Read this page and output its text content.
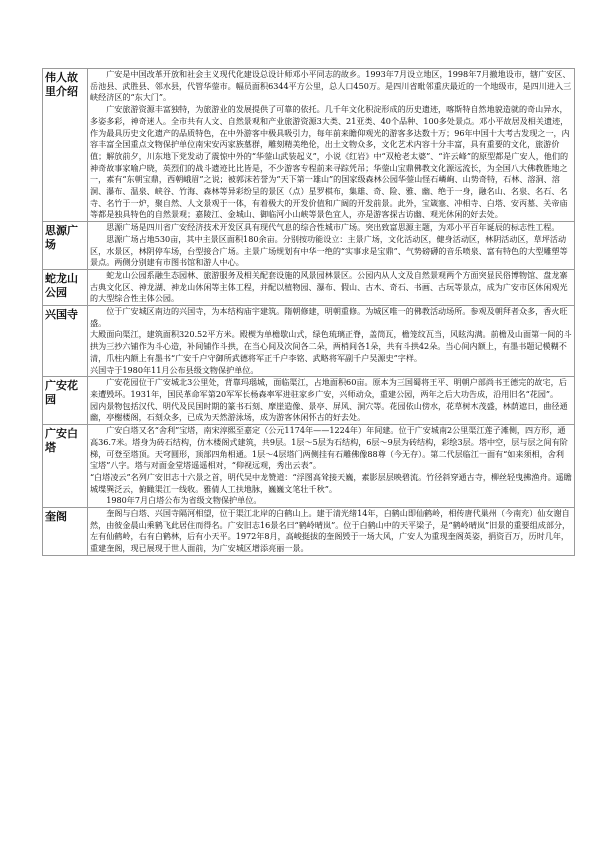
伟人故里介绍	广安是中国改革开放和社会主义现代化建设总设计师邓小平同志的故乡。1993年7月设立地区，1998年7月撤地设市，辖广安区、岳池县、武胜县、邻水县，代管华蓥市。幅员面积6344平方公里，总人口450万。是四川省毗邻重庆最近的一个地级市，是四川进入三峡经济区的“东大门”。

广安旅游资源丰富独特，为旅游业的发展提供了可靠的依托。几千年文化积淀形成的历史遗迹，喀斯特自然地貌造就的奇山异水，多姿多彩，神奇迷人。全市共有人文、自然景观和产业旅游资源3大类、21亚类、40个品种、100多处景点。邓小平故居及相关遗迹，作为最具历史文化遗产的品质特色，在中外游客中极具吸引力，每年前来瞻仰观光的游客多达数十万；96年中国十大考古发现之一，内容丰富全国重点文物保护单位南宋安丙家族墓群，雕刻精美绝伦，出土文物众多，文化艺术内容十分丰富，具有重要的文化，旅游价值；解放前夕，川东地下党发动了震惊中外的“华蓥山武装起义”，小说《红岩》中“双枪老太婆”、“许云峰”的原型都是广安人，他们的神奇故事家喻户晓，英烈们的战斗遗迹比比皆是，不少游客专程前来寻踪凭吊；华蓥山宝鼎佛教文化源远流长，为全国八大佛教胜地之一，素有“东朝宝鼎，西朝峨眉”之说；被郭沫若誉为“天下第一雄山”的国家级森林公园华蓥山怪石嶙峋、山势奇特，石林、溶洞、溶洞、瀑布、温泉、峡谷、竹海、森林等异彩纷呈的景区（点）星罗棋布，集雄、奇、险、雅、幽、绝于一身，融名山、名泉、名石、名寺、名竹于一炉，聚自然、人文景观于一体，有着极大的开发价值和广阔的开发前景。此外，宝箴塞、冲相寺、白塔、安丙墓、关帝庙等都是独具特色的自然景观；嘉陵江、金城山、御临河小山峡等景色宜人，亦是游客探古访幽、观光休闲的好去处。

思源广场	思源广场是四川省广安经济技术开发区具有现代气息的综合性城市广场。突出致富思源主题，为邓小平百年诞辰的标志性工程。

思源广场占地530亩，其中主景区面积180余亩。分别按功能设立：主景广场，文化活动区，健身活动区，林阴活动区，草坪活动区，水景区，林阴停车场，台型接合广场。主景广场规划有中华一绝的“实事求是宝鼎”、气势磅礴的音乐喷泉、富有特色的大型雕塑等景点。两侧分别建有市图书馆和游人中心。

蛇龙山公园	蛇龙山公园系融生态园林、旅游服务及相关配套设施的风景园林景区。公园内从人文及自然景观两个方面突显民俗博物馆、盘龙寨古典文化区、神龙湖、神龙山休闲等主体工程，并配以植物园、瀑布、假山、古木、奇石、书画、古玩等景点，成为广安市区休闲观光的大型综合性主体公园。

兴国寺	位于广安城区南边的兴国寺，为本结构庙宇建筑。隋朝修建，明朝重修。为城区唯一的佛教活动场所。参观及朝拜者众多，香火旺盛。

大殿面向渠江，建筑面积320.52平方米。殿楔为单檐歇山式，绿色琉璃正脊，盖筒瓦，檐笼纹瓦当，风眩沟满。前檐及山面第一间的斗拱为三抄六铺作为斗心造，补间铺作斗拱，在当心间及次间各二朵，两梢间各1朵，共有斗拱42朵。当心间内额上，有墨书题记模糊不清，爪柱内额上有墨书“广安千户守御所武德将军正千户李铭、武略将军副千户吴源史”字样。

兴国寺于1980年11月公布县级文物保护单位。

广安花园	广安花园位于广安城北3公里处，背靠玛瑙城，面临渠江，占地面积60亩。原本为三国蜀将王平、明朝户部尚书王德完的故宅，后来遭毁坏。1931年，国民革命军第20军军长杨森率军进驻家乡广安，兴师动众，重建公园，两年之后大功告成，沿用旧名“花园”。

园内景物包括汉代、明代及民国时期的篆书石刻、摩崖造像、景亭、屏风、洞穴等。花园依山傍水，花草树木茂盛，林荫遮日，曲径通幽，亭榭楼阁，石刻众多，已成为天然游泳场，成为游客休闲怀古的好去处。

广安白塔	广安白塔又名“舍利”宝塔，南宋淳熙至嘉定（公元1174年——1224年）年间建。位于广安城南2公里渠江莲子滩侧，四方形，通高36.7米。塔身为砖石结构，仿木楼阁式建筑，共9层。1层～5层为石结构，6层～9层为砖结构，彩绘3层。塔中空，层与层之间有阶梯，可登至塔顶。天穹圆形，顶部四角相通。1层～4层塔门两侧挂有石雕佛像88尊（今无存）。第二代层临江一面有“如来须相，舍利宝塔”八字。塔与对面金堂塔遥遥相对，“仰视远观，秀出云表”。

“白塔凌云”名列广安旧志十六景之首，明代吴中龙赞道：“浮图高耸接天巍，素影层层映碧流。竹径斜穿通古寺，柳丝轻曳拂渔舟。遥瞻城堞巽泛云，俯瞰渠江一线收。雅倩人工扶地脉，巍巍文笔壮千秋”。

1980年7月白塔公布为省级文物保护单位。

奎阁	奎阁与白塔、兴国寺隔河相望，位于渠江北岸的白鹤山上。建于清光绪14年，白鹤山即仙鹤岭，相传唐代巢州（今南充）仙女谢自然，由彼金晨山乘鹤飞此居住而得名。广安旧志16景名曰“鹤岭晴岚”。位于白鹤山中的天平梁子，是“鹤岭晴岚”旧景的重要组成部分，左有仙鹤岭，右有白鹤林，后有小天平。1972年8月，高峻挺拔的奎阁毁于一场大风，广安人为重现奎阁英姿，捐资百万，历时几年，重建奎阁，现已展现于世人面前，为广安城区增添亮丽一景。
